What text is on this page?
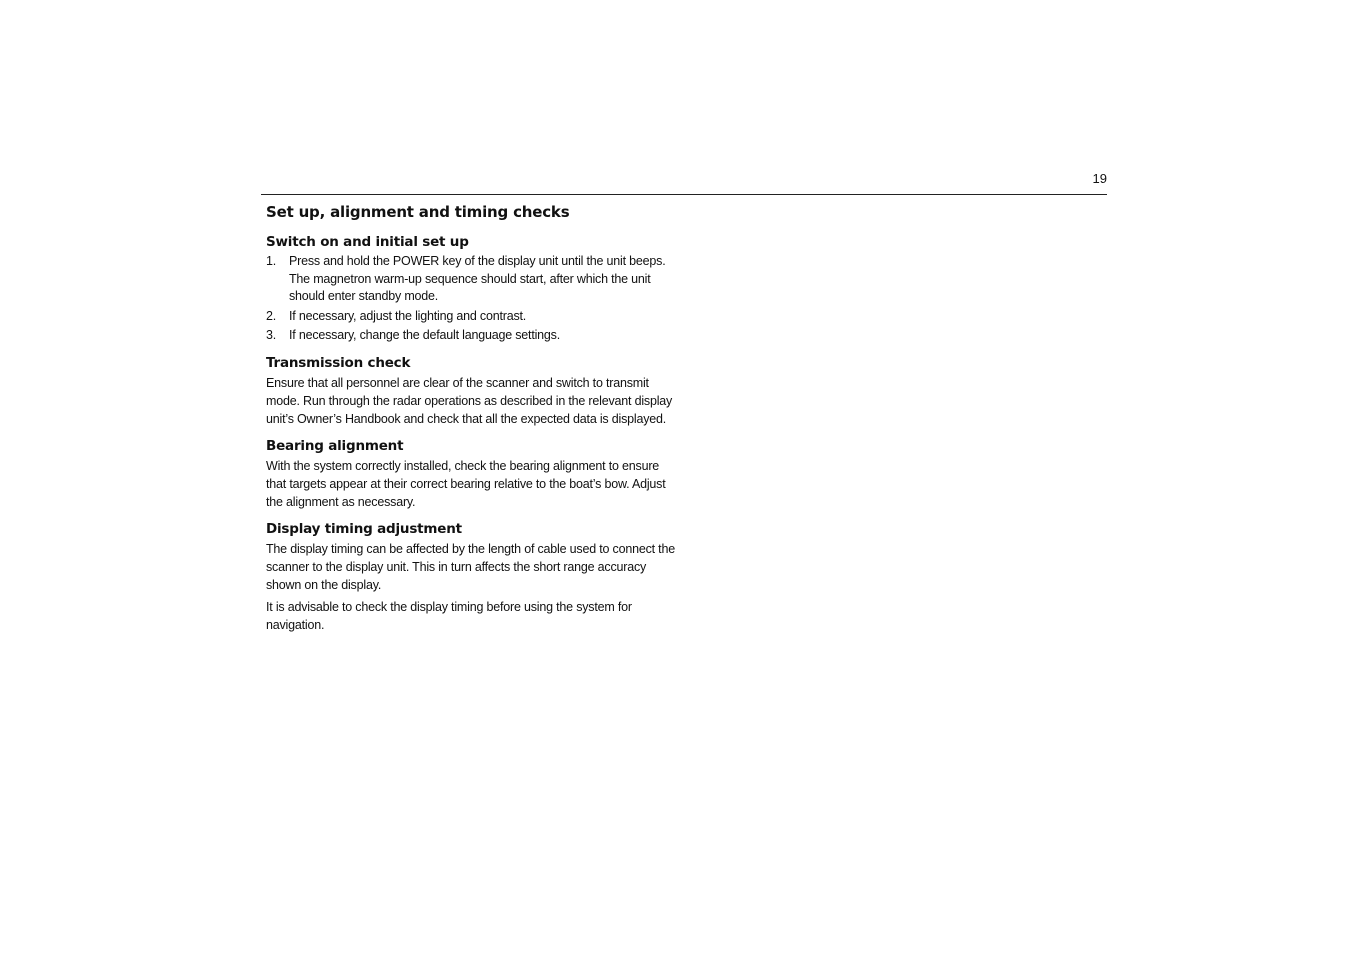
19
Set up, alignment and timing checks
Switch on and initial set up
1.	Press and hold the POWER key of the display unit until the unit beeps. The magnetron warm-up sequence should start, after which the unit should enter standby mode.
2.	If necessary, adjust the lighting and contrast.
3.	If necessary, change the default language settings.
Transmission check

Ensure that all personnel are clear of the scanner and switch to transmit mode. Run through the radar operations as described in the relevant display unit’s Owner’s Handbook and check that all the expected data is displayed.

Bearing alignment

With the system correctly installed, check the bearing alignment to ensure that targets appear at their correct bearing relative to the boat’s bow. Adjust the alignment as necessary.

Display timing adjustment

The display timing can be affected by the length of cable used to connect the scanner to the display unit. This in turn affects the short range accuracy shown on the display.

It is advisable to check the display timing before using the system for navigation.
